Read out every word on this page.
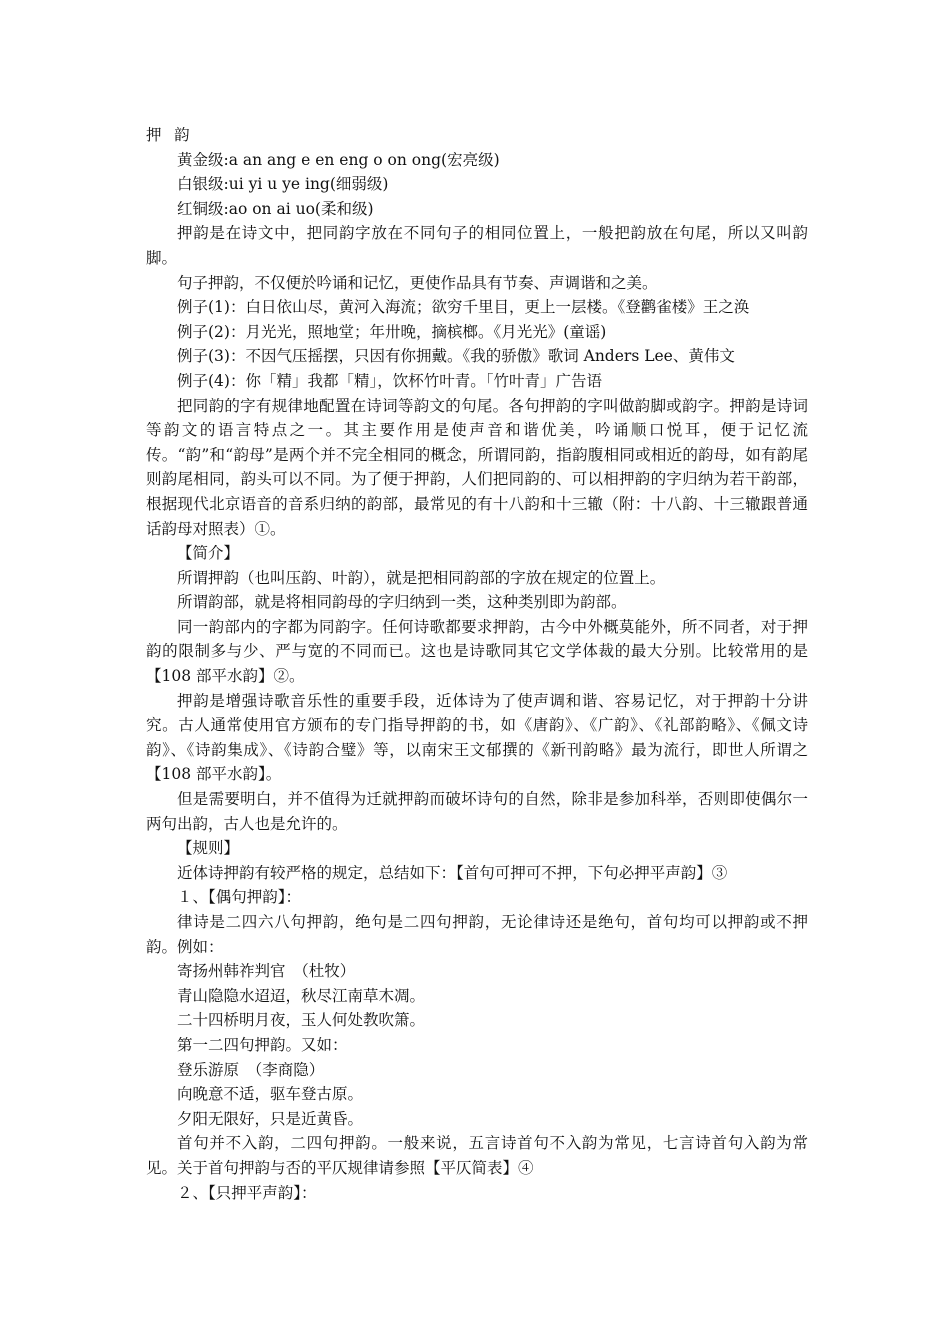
押 韵

黄金级:a an ang e en eng o on ong(宏亮级)

白银级:ui yi u ye ing(细弱级)

红铜级:ao on ai uo(柔和级)

押韵是在诗文中，把同韵字放在不同句子的相同位置上，一般把韵放在句尾，所以又叫韵脚。

句子押韵，不仅便於吟诵和记忆，更使作品具有节奏、声调谐和之美。

例子(1)：白日依山尽，黄河入海流；欲穷千里目，更上一层楼。《登鹳雀楼》王之涣

例子(2)：月光光，照地堂；年卅晚，摘槟榔。《月光光》(童谣)

例子(3)：不因气压摇摆，只因有你拥戴。《我的骄傲》歌词 Anders Lee、黄伟文

例子(4)：你「精」我都「精」，饮杯竹叶青。「竹叶青」广告语

把同韵的字有规律地配置在诗词等韵文的句尾。各句押韵的字叫做韵脚或韵字。押韵是诗词等韵文的语言特点之一。其主要作用是使声音和谐优美，吟诵顺口悦耳，便于记忆流传。“韵”和“韵母”是两个并不完全相同的概念，所谓同韵，指韵腹相同或相近的韵母，如有韵尾则韵尾相同，韵头可以不同。为了便于押韵，人们把同韵的、可以相押韵的字归纳为若干韵部，根据现代北京语音的音系归纳的韵部，最常见的有十八韵和十三辙（附：十八韵、十三辙跟普通话韵母对照表）①。

【简介】

所谓押韵（也叫压韵、叶韵），就是把相同韵部的字放在规定的位置上。

所谓韵部，就是将相同韵母的字归纳到一类，这种类别即为韵部。

同一韵部内的字都为同韵字。任何诗歌都要求押韵，古今中外概莫能外，所不同者，对于押韵的限制多与少、严与宽的不同而已。这也是诗歌同其它文学体裁的最大分别。比较常用的是【108 部平水韵】②。

押韵是增强诗歌音乐性的重要手段，近体诗为了使声调和谐、容易记忆，对于押韵十分讲究。古人通常使用官方颁布的专门指导押韵的书，如《唐韵》、《广韵》、《礼部韵略》、《佩文诗韵》、《诗韵集成》、《诗韵合璧》等，以南宋王文郁撰的《新刊韵略》最为流行，即世人所谓之【108 部平水韵】。

但是需要明白，并不值得为迁就押韵而破坏诗句的自然，除非是参加科举，否则即使偶尔一两句出韵，古人也是允许的。

【规则】

近体诗押韵有较严格的规定，总结如下：【首句可押可不押，下句必押平声韵】③

１、【偶句押韵】：

律诗是二四六八句押韵，绝句是二四句押韵，无论律诗还是绝句，首句均可以押韵或不押韵。例如：

寄扬州韩祚判官　（杜牧）

青山隐隐水迢迢，秋尽江南草木凋。

二十四桥明月夜，玉人何处教吹箫。

第一二四句押韵。又如：

登乐游原　（李商隐）

向晚意不适，驱车登古原。

夕阳无限好，只是近黄昏。

首句并不入韵，二四句押韵。一般来说，五言诗首句不入韵为常见，七言诗首句入韵为常见。关于首句押韵与否的平仄规律请参照【平仄简表】④

２、【只押平声韵】：
